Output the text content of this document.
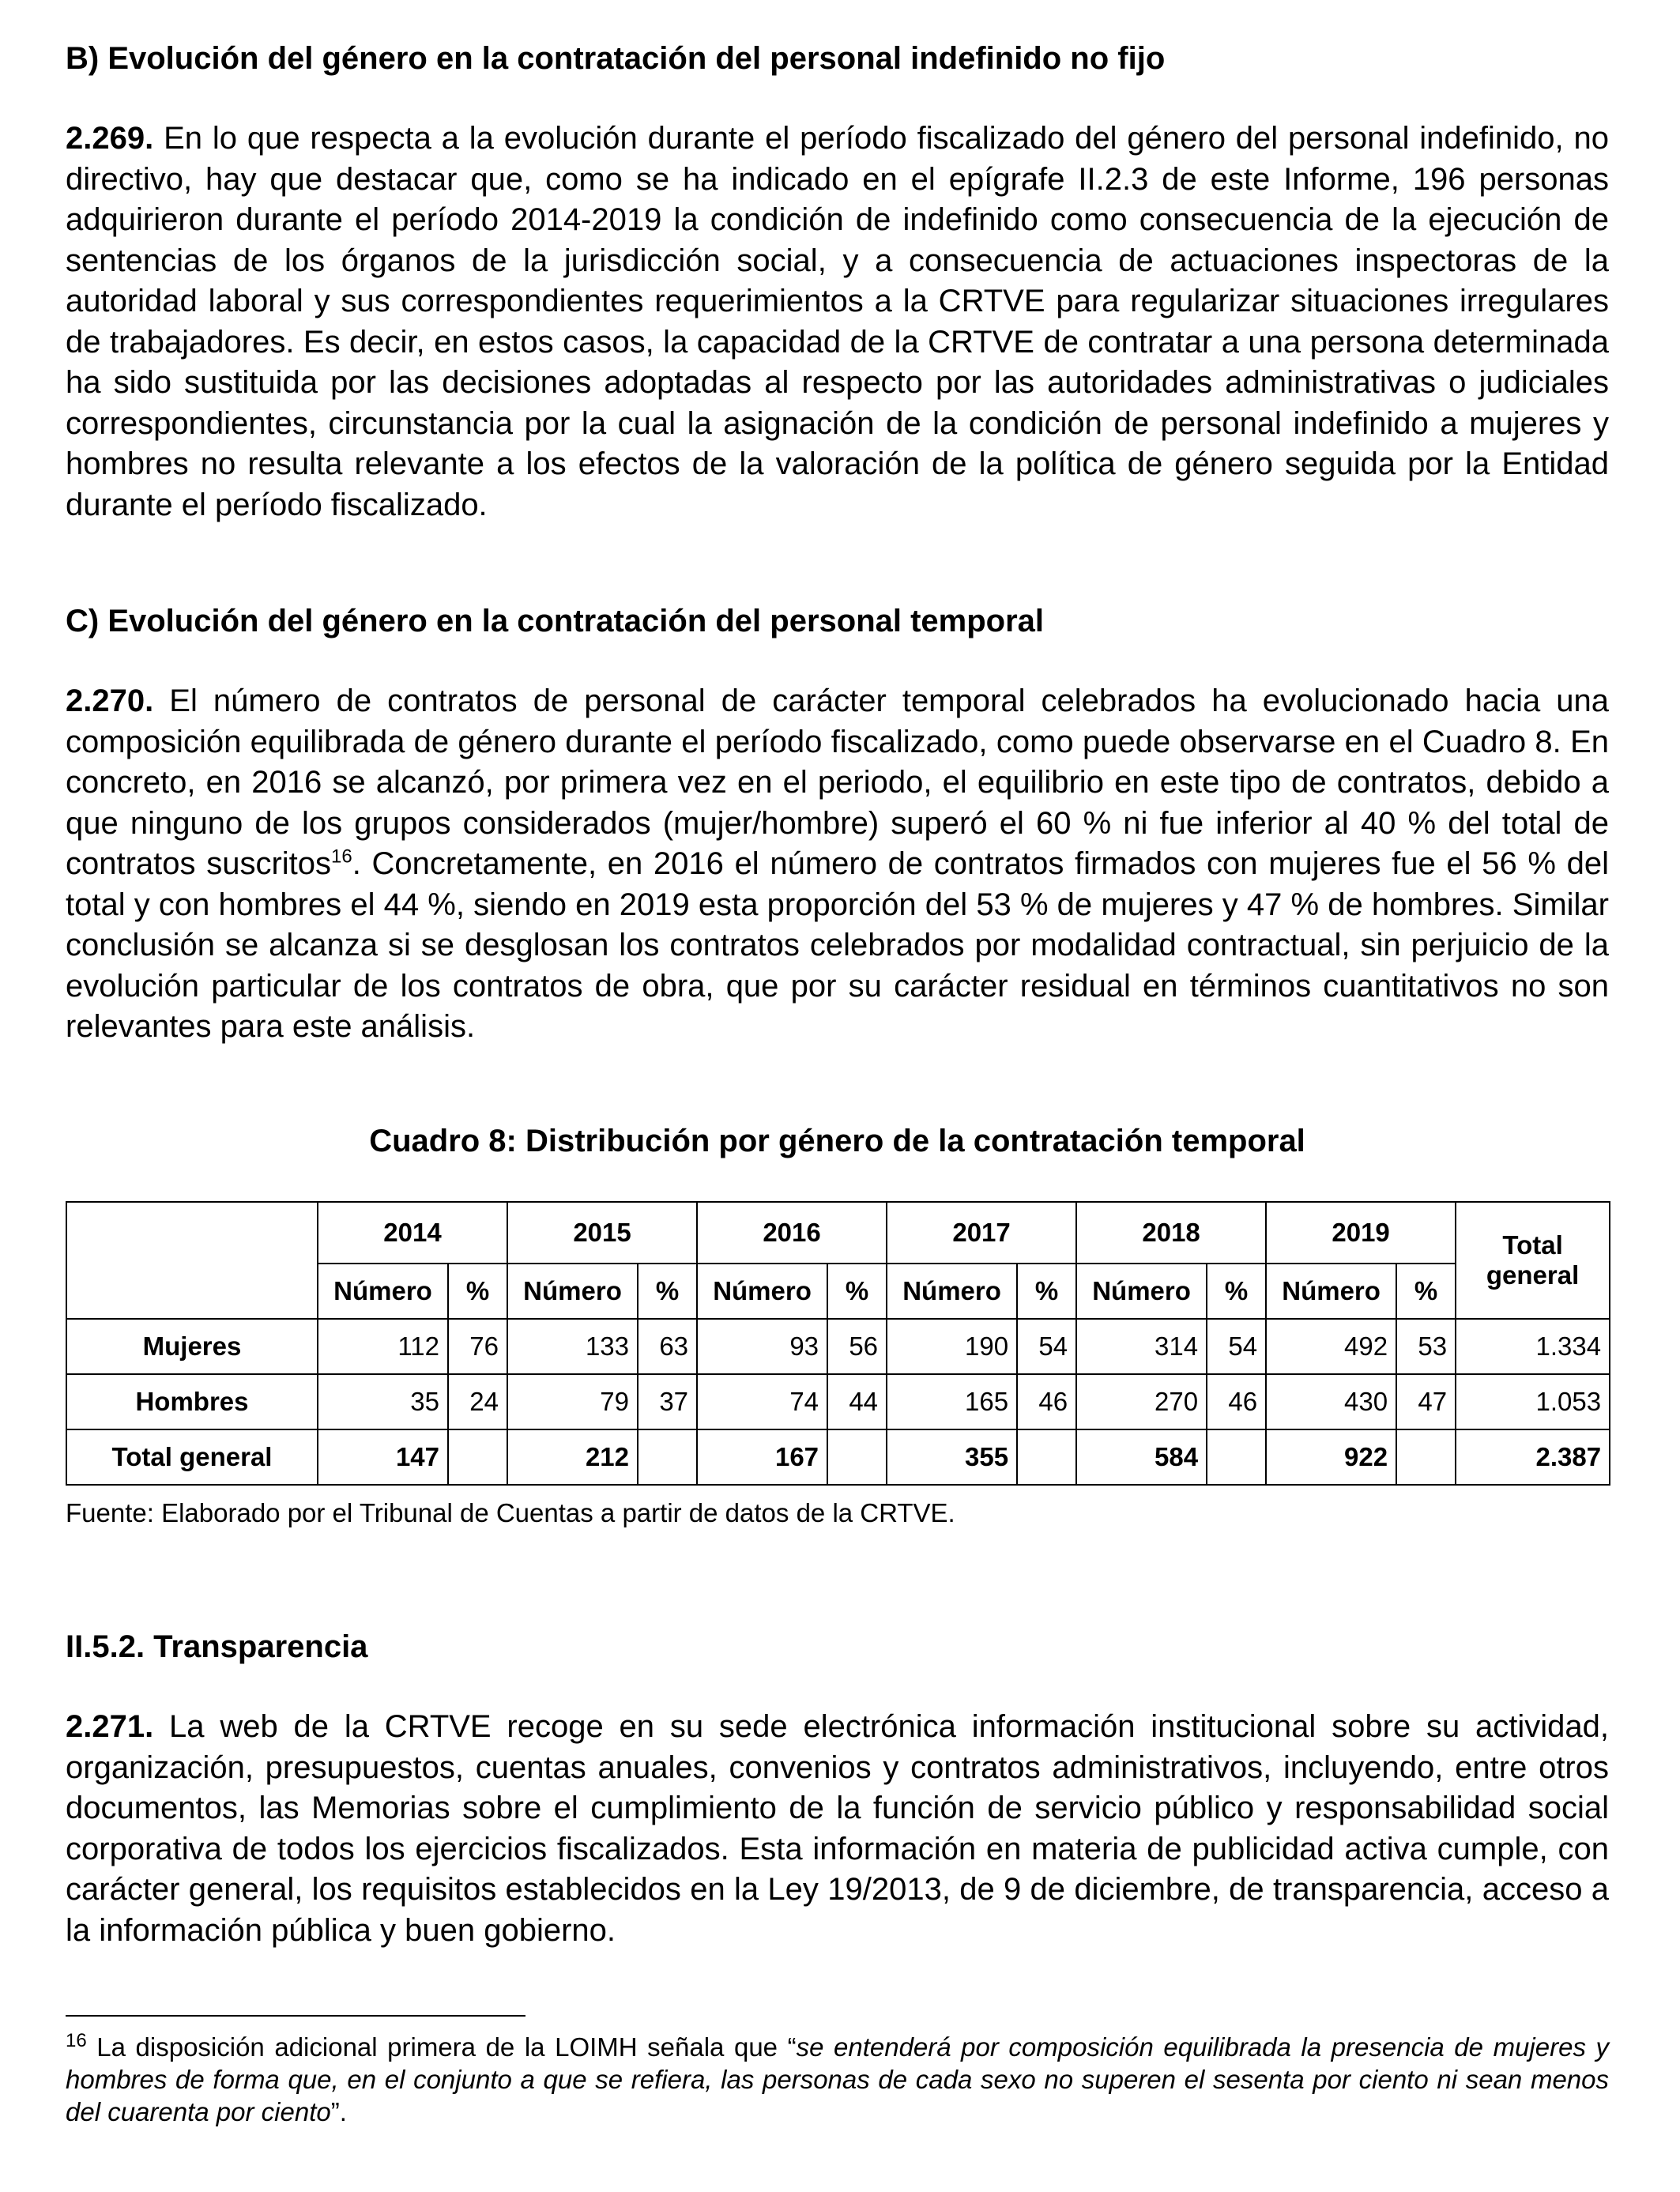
B) Evolución del género en la contratación del personal indefinido no fijo

2.269. En lo que respecta a la evolución durante el período fiscalizado del género del personal indefinido, no directivo, hay que destacar que, como se ha indicado en el epígrafe II.2.3 de este Informe, 196 personas adquirieron durante el período 2014-2019 la condición de indefinido como consecuencia de la ejecución de sentencias de los órganos de la jurisdicción social, y a consecuencia de actuaciones inspectoras de la autoridad laboral y sus correspondientes requerimientos a la CRTVE para regularizar situaciones irregulares de trabajadores. Es decir, en estos casos, la capacidad de la CRTVE de contratar a una persona determinada ha sido sustituida por las decisiones adoptadas al respecto por las autoridades administrativas o judiciales correspondientes, circunstancia por la cual la asignación de la condición de personal indefinido a mujeres y hombres no resulta relevante a los efectos de la valoración de la política de género seguida por la Entidad durante el período fiscalizado.

C) Evolución del género en la contratación del personal temporal

2.270. El número de contratos de personal de carácter temporal celebrados ha evolucionado hacia una composición equilibrada de género durante el período fiscalizado, como puede observarse en el Cuadro 8. En concreto, en 2016 se alcanzó, por primera vez en el periodo, el equilibrio en este tipo de contratos, debido a que ninguno de los grupos considerados (mujer/hombre) superó el 60 % ni fue inferior al 40 % del total de contratos suscritos$^{16}$. Concretamente, en 2016 el número de contratos firmados con mujeres fue el 56 % del total y con hombres el 44 %, siendo en 2019 esta proporción del 53 % de mujeres y 47 % de hombres. Similar conclusión se alcanza si se desglosan los contratos celebrados por modalidad contractual, sin perjuicio de la evolución particular de los contratos de obra, que por su carácter residual en términos cuantitativos no son relevantes para este análisis.

Cuadro 8: Distribución por género de la contratación temporal
	2014		2015		2016		2017		2018		2019		Total general
	Número	%	Número	%	Número	%	Número	%	Número	%	Número	%	
Mujeres	112	76	133	63	93	56	190	54	314	54	492	53	1.334
Hombres	35	24	79	37	74	44	165	46	270	46	430	47	1.053
Total general	147		212		167		355		584		922		2.387
Fuente: Elaborado por el Tribunal de Cuentas a partir de datos de la CRTVE.
II.5.2. Transparencia

2.271. La web de la CRTVE recoge en su sede electrónica información institucional sobre su actividad, organización, presupuestos, cuentas anuales, convenios y contratos administrativos, incluyendo, entre otros documentos, las Memorias sobre el cumplimiento de la función de servicio público y responsabilidad social corporativa de todos los ejercicios fiscalizados. Esta información en materia de publicidad activa cumple, con carácter general, los requisitos establecidos en la Ley 19/2013, de 9 de diciembre, de transparencia, acceso a la información pública y buen gobierno.

$^{16}$ La disposición adicional primera de la LOIMH señala que “se entenderá por composición equilibrada la presencia de mujeres y hombres de forma que, en el conjunto a que se refiera, las personas de cada sexo no superen el sesenta por ciento ni sean menos del cuarenta por ciento”.
